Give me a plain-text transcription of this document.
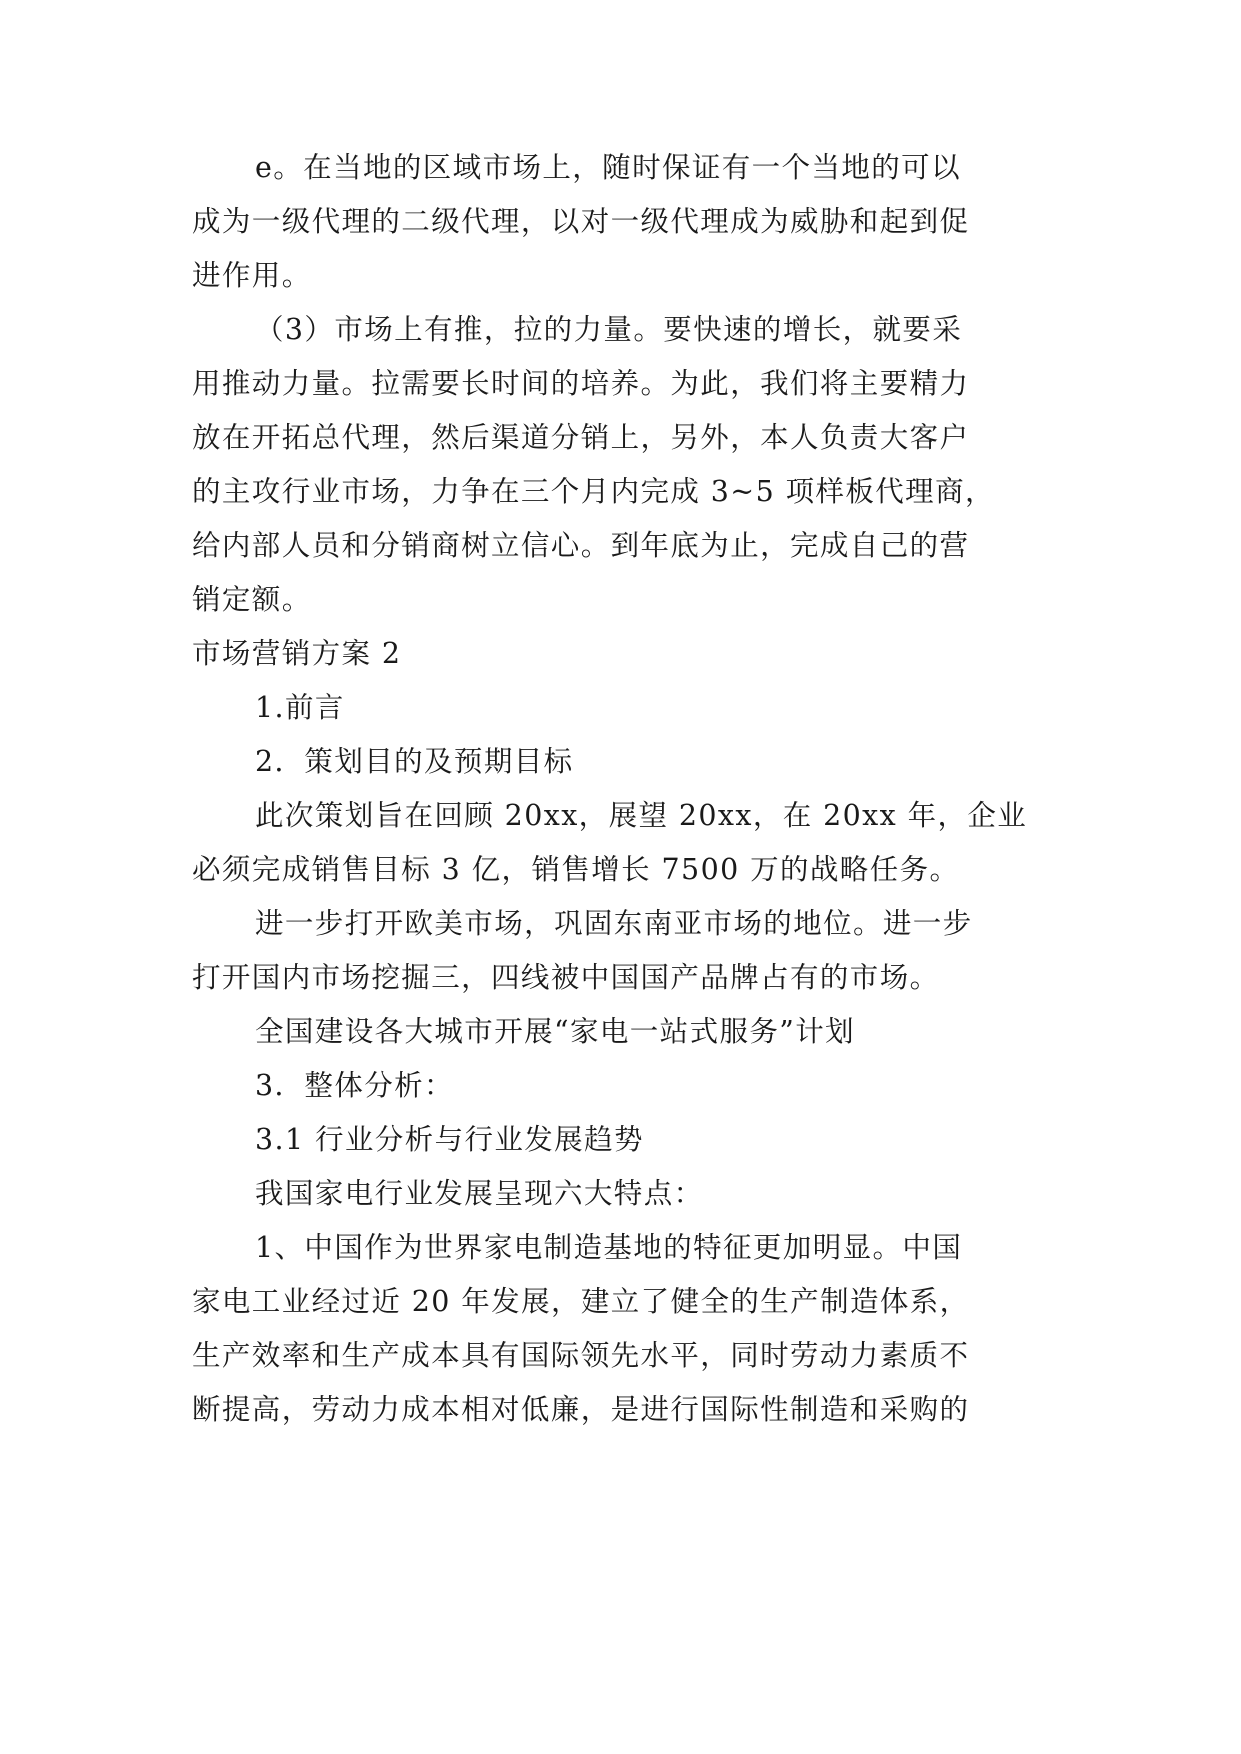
e。在当地的区域市场上，随时保证有一个当地的可以
成为一级代理的二级代理，以对一级代理成为威胁和起到促
进作用。
（3）市场上有推，拉的力量。要快速的增长，就要采
用推动力量。拉需要长时间的培养。为此，我们将主要精力
放在开拓总代理，然后渠道分销上，另外，本人负责大客户
的主攻行业市场，力争在三个月内完成 3~5 项样板代理商，
给内部人员和分销商树立信心。到年底为止，完成自己的营
销定额。
市场营销方案 2
1.前言
2．策划目的及预期目标
此次策划旨在回顾 20xx，展望 20xx，在 20xx 年，企业
必须完成销售目标 3 亿，销售增长 7500 万的战略任务。
进一步打开欧美市场，巩固东南亚市场的地位。进一步
打开国内市场挖掘三，四线被中国国产品牌占有的市场。
全国建设各大城市开展“家电一站式服务”计划
3．整体分析：
3.1 行业分析与行业发展趋势
我国家电行业发展呈现六大特点：
1、中国作为世界家电制造基地的特征更加明显。中国
家电工业经过近 20 年发展，建立了健全的生产制造体系，
生产效率和生产成本具有国际领先水平，同时劳动力素质不
断提高，劳动力成本相对低廉，是进行国际性制造和采购的
